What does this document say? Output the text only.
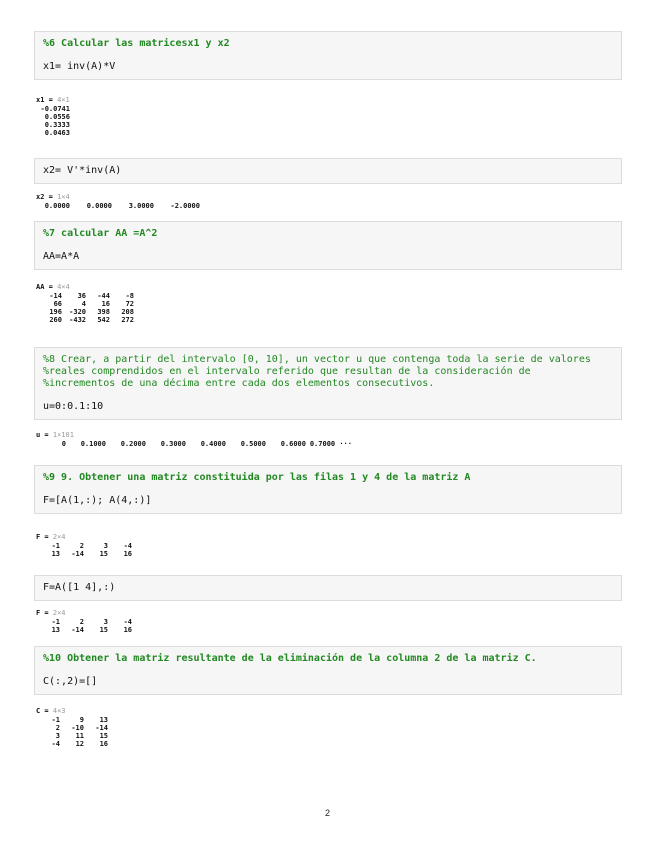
%6 Calcular las matricesx1 y x2
x1= inv(A)*V
x1 = 4×1
-0.0741
0.0556
0.3333
0.0463
x2= V'*inv(A)
x2 = 1×4
0.0000 0.0000 3.0000 -2.0000
%7 calcular AA =A^2
AA=A*A
AA = 4×4
-14 36 -44 -8
66	4 16 72
196 -320 398 208
260 -432 542 272
%8 Crear, a partir del intervalo [0, 10], un vector u que contenga toda la serie de valores
%reales comprendidos en el intervalo referido que resultan de la consideración de
%incrementos de una décima entre cada dos elementos consecutivos.
u=0:0.1:10
u = 1×101
0 0.1000 0.2000 0.3000 0.4000 0.5000 0.6000 0.7000 ···
%9 9. Obtener una matriz constituida por las filas 1 y 4 de la matriz A
F=[A(1,:); A(4,:)]
F = 2×4
-1	2	3 -4
13 -14 15 16
F=A([1 4],:)
F = 2×4
-1	2	3 -4
13 -14 15 16
%10 Obtener la matriz resultante de la eliminación de la columna 2 de la matriz C.
C(:,2)=[]
C = 4×3
-1	9 13
2 -10 -14
3 11 15
-4 12 16
2
